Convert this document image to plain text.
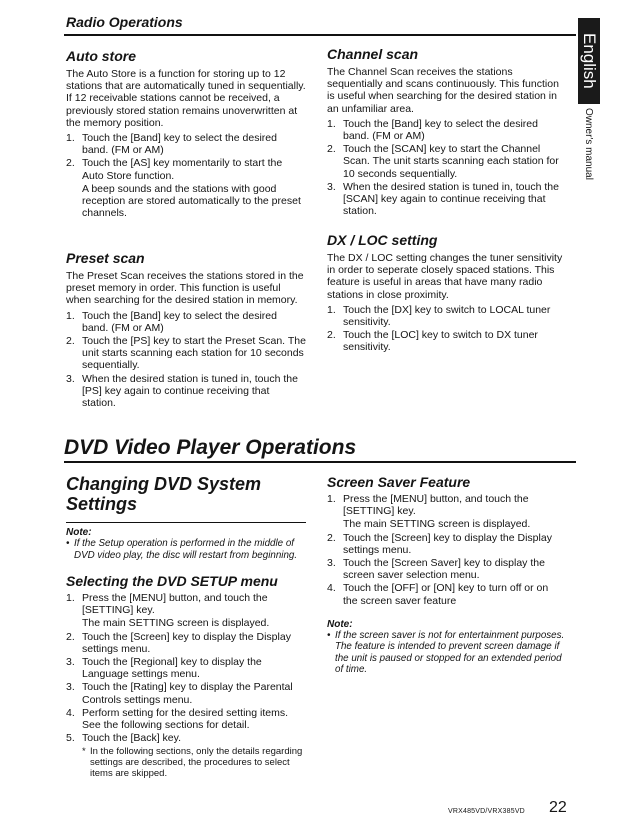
Radio Operations
English
Owner's manual
Auto store
The Auto Store is a function for storing up to 12 stations that are automatically tuned in sequentially. If 12 receivable stations cannot be received, a previously stored station remains unoverwritten at the memory position.
1. Touch the [Band] key to select the desired band. (FM or AM)
2. Touch the [AS] key momentarily to start the Auto Store function.
A beep sounds and the stations with good reception are stored automatically to the preset channels.
Preset scan
The Preset Scan receives the stations stored in the preset memory in order. This function is useful when searching for the desired station in memory.
1. Touch the [Band] key to select the desired band. (FM or AM)
2. Touch the [PS] key to start the Preset Scan. The unit starts scanning each station for 10 seconds sequentially.
3. When the desired station is tuned in, touch the [PS] key again to continue receiving that station.
Channel scan
The Channel Scan receives the stations sequentially and scans continuously. This function is useful when searching for the desired station in an unfamiliar area.
1. Touch the [Band] key to select the desired band. (FM or AM)
2. Touch the [SCAN] key to start the Channel Scan. The unit starts scanning each station for 10 seconds sequentially.
3. When the desired station is tuned in, touch the [SCAN] key again to continue receiving that station.
DX / LOC setting
The DX / LOC setting changes the tuner sensitivity in order to seperate closely spaced stations. This feature is useful in areas that have many radio stations in close proximity.
1. Touch the [DX] key to switch to LOCAL tuner sensitivity.
2. Touch the [LOC] key to switch to DX tuner sensitivity.
DVD Video Player Operations
Changing DVD System
Settings
Note:
• If the Setup operation is performed in the middle of DVD video play, the disc will restart from beginning.
Selecting the DVD SETUP menu
1. Press the [MENU] button, and touch the [SETTING] key.
The main SETTING screen is displayed.
2. Touch the [Screen] key to display the Display settings menu.
3. Touch the [Regional] key to display the Language settings menu.
3. Touch the [Rating] key to display the Parental Controls settings menu.
4. Perform setting for the desired setting items. See the following sections for detail.
5. Touch the [Back] key.
* In the following sections, only the details regarding settings are described, the procedures to select items are skipped.
Screen Saver Feature
1. Press the [MENU] button, and touch the [SETTING] key.
The main SETTING screen is displayed.
2. Touch the [Screen] key to display the Display settings menu.
3. Touch the [Screen Saver] key to display the screen saver selection menu.
4. Touch the [OFF] or [ON] key to turn off or on the screen saver feature
Note:
• If the screen saver is not for entertainment purposes. The feature is intended to prevent screen damage if the unit is paused or stopped for an extended period of time.
VRX485VD/VRX385VD 22
